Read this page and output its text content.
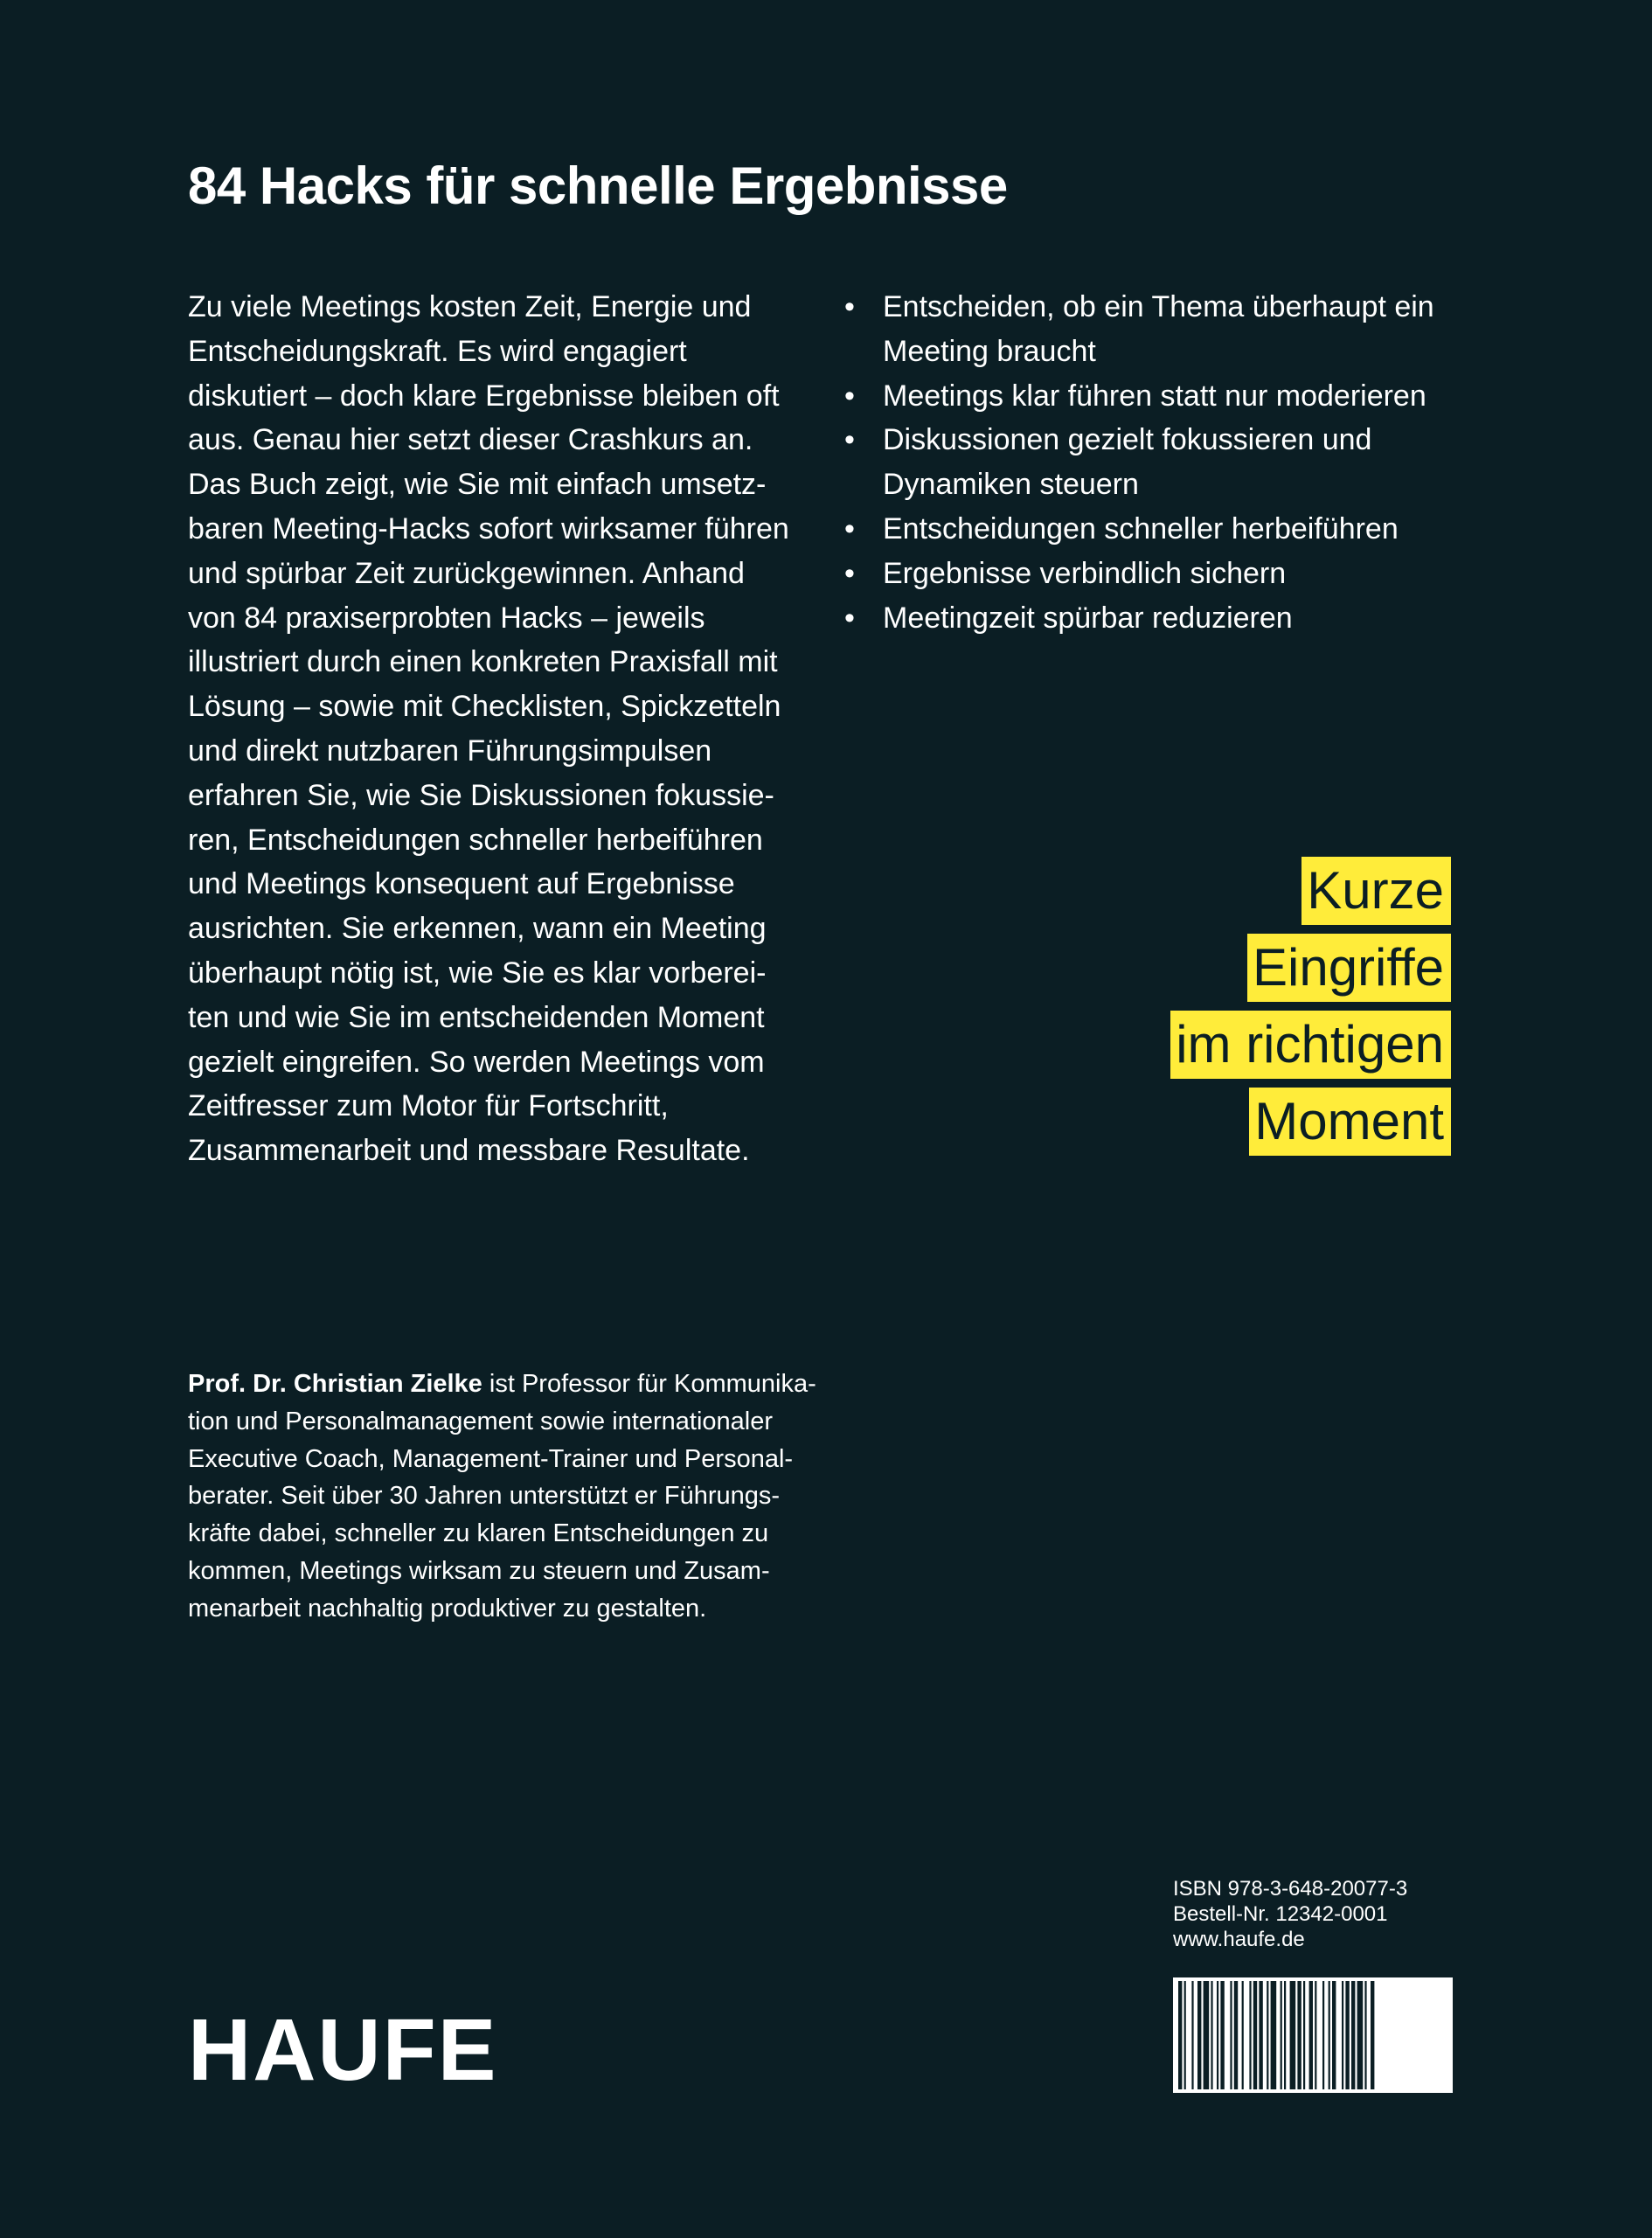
84 Hacks für schnelle Ergebnisse
Zu viele Meetings kosten Zeit, Energie und
Entscheidungskraft. Es wird engagiert
diskutiert – doch klare Ergebnisse bleiben oft
aus. Genau hier setzt dieser Crashkurs an.
Das Buch zeigt, wie Sie mit einfach umsetz-
baren Meeting-Hacks sofort wirksamer führen
und spürbar Zeit zurückgewinnen. Anhand
von 84 praxiserprobten Hacks – jeweils
illustriert durch einen konkreten Praxisfall mit
Lösung – sowie mit Checklisten, Spickzetteln
und direkt nutzbaren Führungsimpulsen
erfahren Sie, wie Sie Diskussionen fokussie-
ren, Entscheidungen schneller herbeiführen
und Meetings konsequent auf Ergebnisse
ausrichten. Sie erkennen, wann ein Meeting
überhaupt nötig ist, wie Sie es klar vorberei-
ten und wie Sie im entscheidenden Moment
gezielt eingreifen. So werden Meetings vom
Zeitfresser zum Motor für Fortschritt,
Zusammenarbeit und messbare Resultate.
• Entscheiden, ob ein Thema überhaupt ein
Meeting braucht
• Meetings klar führen statt nur moderieren
• Diskussionen gezielt fokussieren und
Dynamiken steuern
• Entscheidungen schneller herbeiführen
• Ergebnisse verbindlich sichern
• Meetingzeit spürbar reduzieren
Kurze
Eingriffe
im richtigen
Moment
Prof. Dr. Christian Zielke ist Professor für Kommunika-
tion und Personalmanagement sowie internationaler
Executive Coach, Management-Trainer und Personal-
berater. Seit über 30 Jahren unterstützt er Führungs-
kräfte dabei, schneller zu klaren Entscheidungen zu
kommen, Meetings wirksam zu steuern und Zusam-
menarbeit nachhaltig produktiver zu gestalten.
ISBN 978-3-648-20077-3
Bestell-Nr. 12342-0001
www.haufe.de
HAUFE
